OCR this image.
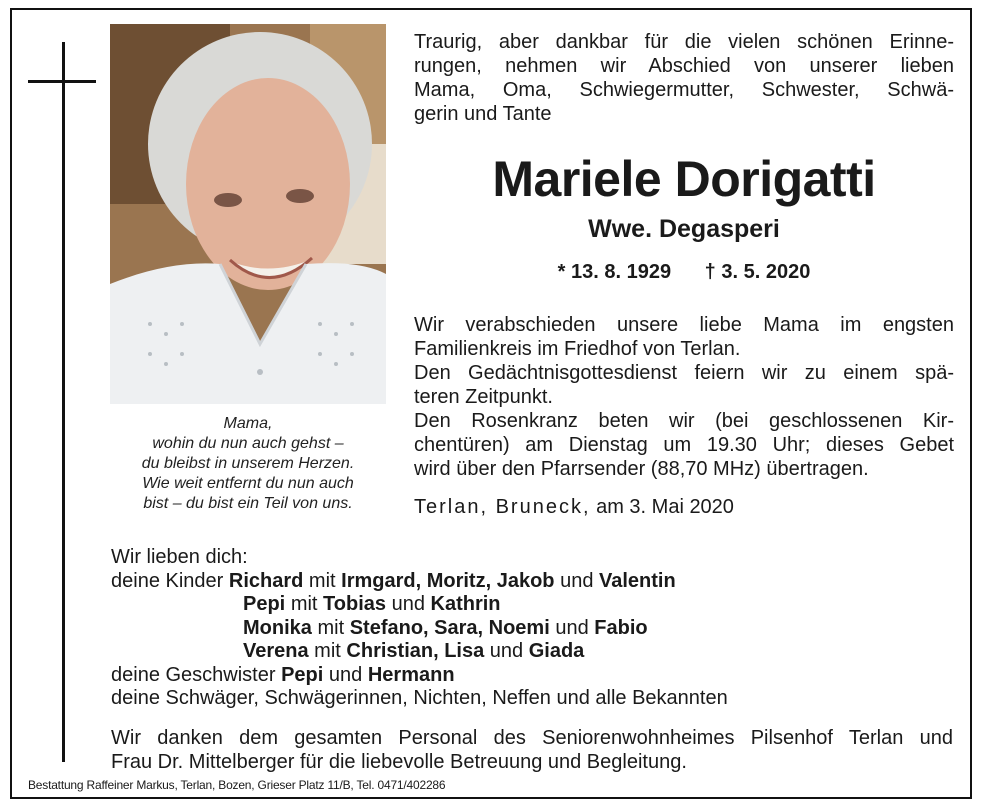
Mama,
wohin du nun auch gehst –
du bleibst in unserem Herzen.
Wie weit entfernt du nun auch
bist – du bist ein Teil von uns.
Traurig, aber dankbar für die vielen schönen Erinne-
rungen, nehmen wir Abschied von unserer lieben
Mama, Oma, Schwiegermutter, Schwester, Schwä-
gerin und Tante
Mariele Dorigatti
Wwe. Degasperi
* 13. 8. 1929 † 3. 5. 2020
Wir verabschieden unsere liebe Mama im engsten
Familienkreis im Friedhof von Terlan.
Den Gedächtnisgottesdienst feiern wir zu einem spä-
teren Zeitpunkt.
Den Rosenkranz beten wir (bei geschlossenen Kir-
chentüren) am Dienstag um 19.30 Uhr; dieses Gebet
wird über den Pfarrsender (88,70 MHz) übertragen.
Terlan, Bruneck, am 3. Mai 2020
Wir lieben dich:
deine Kinder Richard mit Irmgard, Moritz, Jakob und Valentin
Pepi mit Tobias und Kathrin
Monika mit Stefano, Sara, Noemi und Fabio
Verena mit Christian, Lisa und Giada
deine Geschwister Pepi und Hermann
deine Schwäger, Schwägerinnen, Nichten, Neffen und alle Bekannten
Wir danken dem gesamten Personal des Seniorenwohnheimes Pilsenhof Terlan und
Frau Dr. Mittelberger für die liebevolle Betreuung und Begleitung.
Bestattung Raffeiner Markus, Terlan, Bozen, Grieser Platz 11/B, Tel. 0471/402286
